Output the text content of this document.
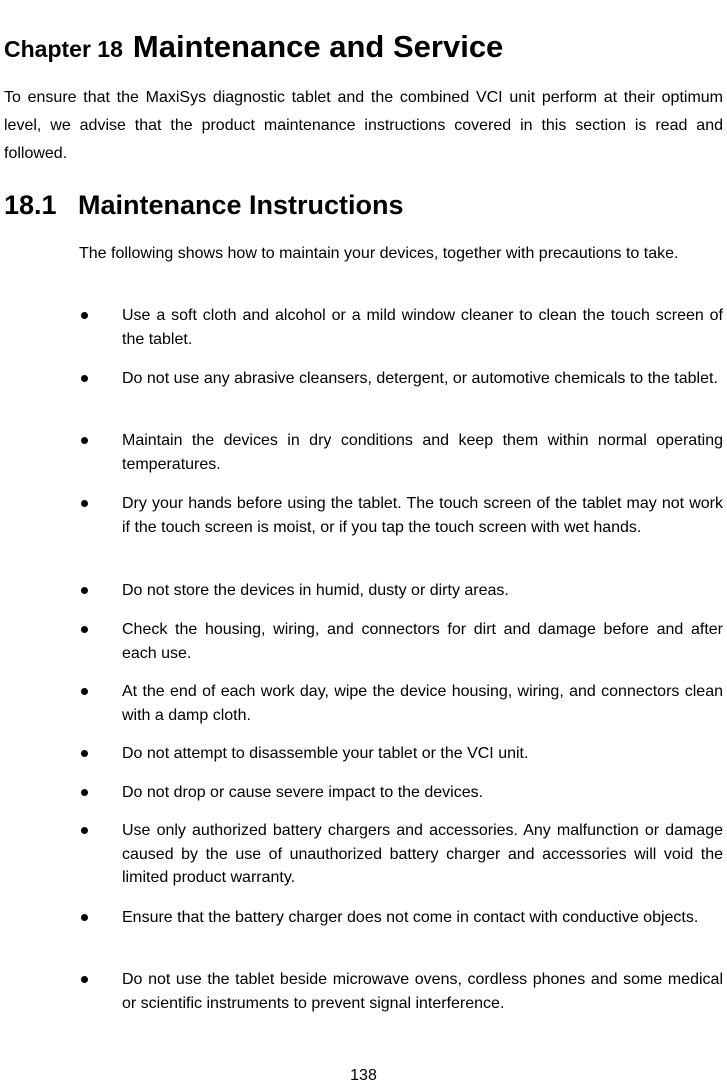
Chapter 18 Maintenance and Service

To ensure that the MaxiSys diagnostic tablet and the combined VCI unit perform at their optimum level, we advise that the product maintenance instructions covered in this section is read and followed.

18.1 Maintenance Instructions

The following shows how to maintain your devices, together with precautions to take.

Use a soft cloth and alcohol or a mild window cleaner to clean the touch screen of the tablet.
Do not use any abrasive cleansers, detergent, or automotive chemicals to the tablet.
Maintain the devices in dry conditions and keep them within normal operating temperatures.
Dry your hands before using the tablet. The touch screen of the tablet may not work if the touch screen is moist, or if you tap the touch screen with wet hands.
Do not store the devices in humid, dusty or dirty areas.
Check the housing, wiring, and connectors for dirt and damage before and after each use.
At the end of each work day, wipe the device housing, wiring, and connectors clean with a damp cloth.
Do not attempt to disassemble your tablet or the VCI unit.
Do not drop or cause severe impact to the devices.
Use only authorized battery chargers and accessories. Any malfunction or damage caused by the use of unauthorized battery charger and accessories will void the limited product warranty.
Ensure that the battery charger does not come in contact with conductive objects.
Do not use the tablet beside microwave ovens, cordless phones and some medical or scientific instruments to prevent signal interference.
138
